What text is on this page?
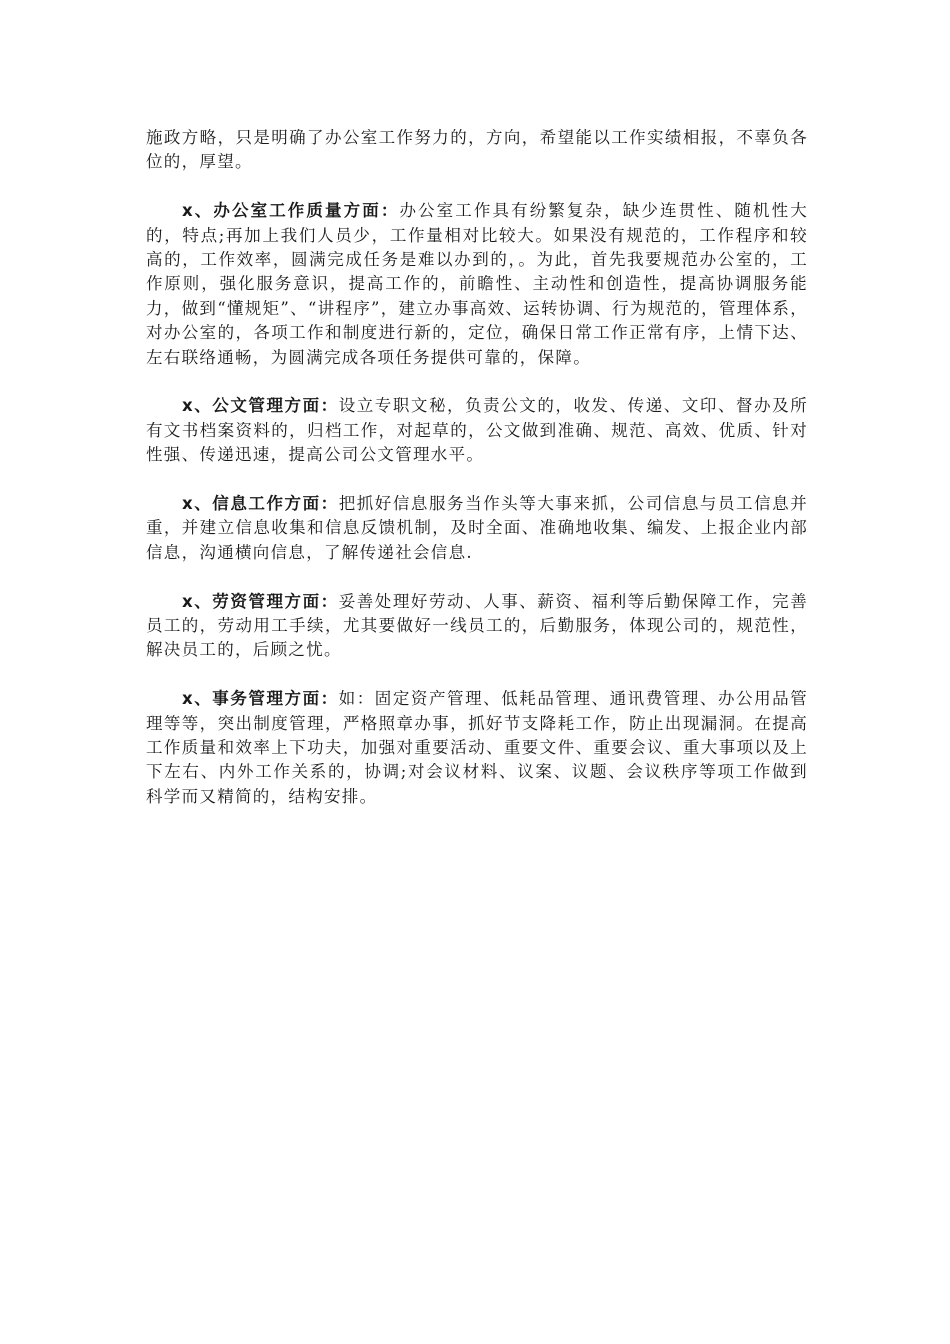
施政方略，只是明确了办公室工作努力的，方向，希望能以工作实绩相报，不辜负各位的，厚望。

x、办公室工作质量方面：办公室工作具有纷繁复杂，缺少连贯性、随机性大的，特点;再加上我们人员少，工作量相对比较大。如果没有规范的，工作程序和较高的，工作效率，圆满完成任务是难以办到的，。为此，首先我要规范办公室的，工作原则，强化服务意识，提高工作的，前瞻性、主动性和创造性，提高协调服务能力，做到“懂规矩”、“讲程序”，建立办事高效、运转协调、行为规范的，管理体系，对办公室的，各项工作和制度进行新的，定位，确保日常工作正常有序，上情下达、左右联络通畅，为圆满完成各项任务提供可靠的，保障。

x、公文管理方面：设立专职文秘，负责公文的，收发、传递、文印、督办及所有文书档案资料的，归档工作，对起草的，公文做到准确、规范、高效、优质、针对性强、传递迅速，提高公司公文管理水平。

x、信息工作方面：把抓好信息服务当作头等大事来抓，公司信息与员工信息并重，并建立信息收集和信息反馈机制，及时全面、准确地收集、编发、上报企业内部信息，沟通横向信息，了解传递社会信息.

x、劳资管理方面：妥善处理好劳动、人事、薪资、福利等后勤保障工作，完善员工的，劳动用工手续，尤其要做好一线员工的，后勤服务，体现公司的，规范性，解决员工的，后顾之忧。

x、事务管理方面：如：固定资产管理、低耗品管理、通讯费管理、办公用品管理等等，突出制度管理，严格照章办事，抓好节支降耗工作，防止出现漏洞。在提高工作质量和效率上下功夫，加强对重要活动、重要文件、重要会议、重大事项以及上下左右、内外工作关系的，协调;对会议材料、议案、议题、会议秩序等项工作做到科学而又精简的，结构安排。
